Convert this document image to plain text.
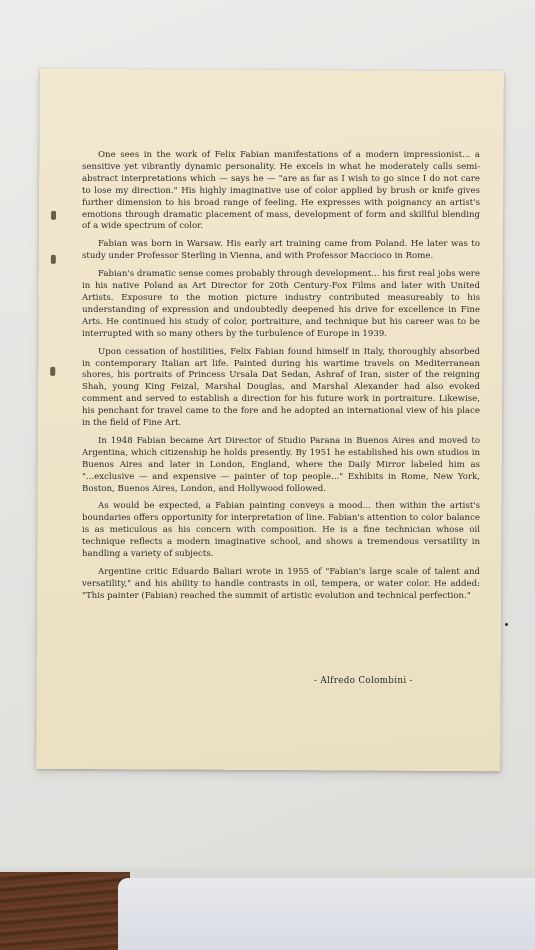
One sees in the work of Felix Fabian manifestations of a modern impressionist... a sensitive yet vibrantly dynamic personality. He excels in what he moderately calls semi-abstract interpretations which — says he — "are as far as I wish to go since I do not care to lose my direction." His highly imaginative use of color applied by brush or knife gives further dimension to his broad range of feeling. He expresses with poignancy an artist's emotions through dramatic placement of mass, development of form and skillful blending of a wide spectrum of color.

Fabian was born in Warsaw. His early art training came from Poland. He later was to study under Professor Sterling in Vienna, and with Professor Maccioco in Rome.

Fabian's dramatic sense comes probably through development... his first real jobs were in his native Poland as Art Director for 20th Century-Fox Films and later with United Artists. Exposure to the motion picture industry contributed measureably to his understanding of expression and undoubtedly deepened his drive for excellence in Fine Arts. He continued his study of color, portraiture, and technique but his career was to be interrupted with so many others by the turbulence of Europe in 1939.

Upon cessation of hostilities, Felix Fabian found himself in Italy, thoroughly absorbed in contemporary Italian art life. Painted during his wartime travels on Mediterranean shores, his portraits of Princess Ursala Dat Sedan, Ashraf of Iran, sister of the reigning Shah, young King Feizal, Marshal Douglas, and Marshal Alexander had also evoked comment and served to establish a direction for his future work in portraiture. Likewise, his penchant for travel came to the fore and he adopted an international view of his place in the field of Fine Art.

In 1948 Fabian became Art Director of Studio Parana in Buenos Aires and moved to Argentina, which citizenship he holds presently. By 1951 he established his own studios in Buenos Aires and later in London, England, where the Daily Mirror labeled him as "...exclusive — and expensive — painter of top people..." Exhibits in Rome, New York, Boston, Buenos Aires, London, and Hollywood followed.

As would be expected, a Fabian painting conveys a mood... then within the artist's boundaries offers opportunity for interpretation of line. Fabian's attention to color balance is as meticulous as his concern with composition. He is a fine technician whose oil technique reflects a modern imaginative school, and shows a tremendous versatility in handling a variety of subjects.

Argentine critic Eduardo Baliari wrote in 1955 of "Fabian's large scale of talent and versatility," and his ability to handle contrasts in oil, tempera, or water color. He added: "This painter (Fabian) reached the summit of artistic evolution and technical perfection."

- Alfredo Colombini -
